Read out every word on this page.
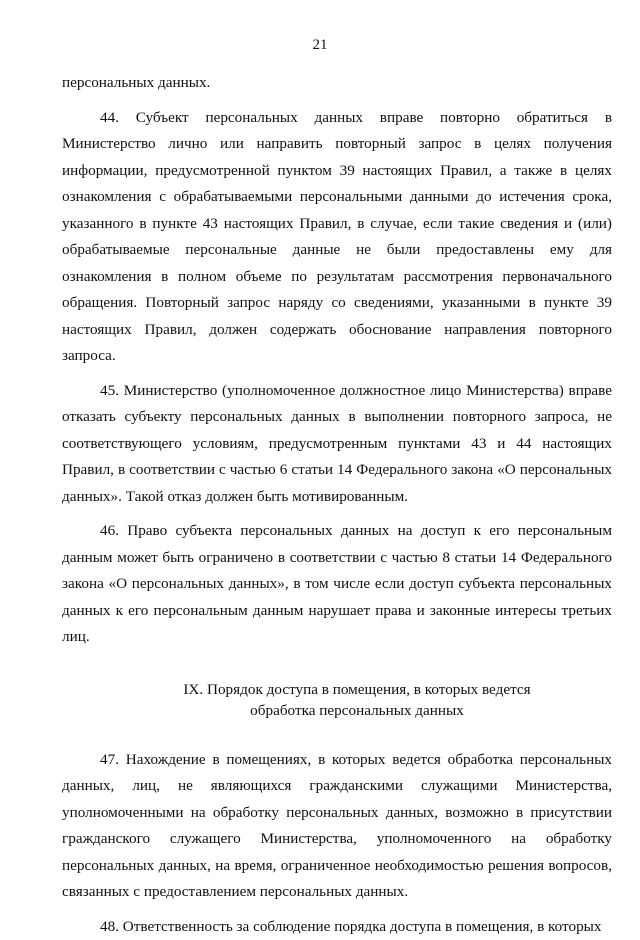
21

персональных данных.

44. Субъект персональных данных вправе повторно обратиться в Министерство лично или направить повторный запрос в целях получения информации, предусмотренной пунктом 39 настоящих Правил, а также в целях ознакомления с обрабатываемыми персональными данными до истечения срока, указанного в пункте 43 настоящих Правил, в случае, если такие сведения и (или) обрабатываемые персональные данные не были предоставлены ему для ознакомления в полном объеме по результатам рассмотрения первоначального обращения. Повторный запрос наряду со сведениями, указанными в пункте 39 настоящих Правил, должен содержать обоснование направления повторного запроса.

45. Министерство (уполномоченное должностное лицо Министерства) вправе отказать субъекту персональных данных в выполнении повторного запроса, не соответствующего условиям, предусмотренным пунктами 43 и 44 настоящих Правил, в соответствии с частью 6 статьи 14 Федерального закона «О персональных данных». Такой отказ должен быть мотивированным.

46. Право субъекта персональных данных на доступ к его персональным данным может быть ограничено в соответствии с частью 8 статьи 14 Федерального закона «О персональных данных», в том числе если доступ субъекта персональных данных к его персональным данным нарушает права и законные интересы третьих лиц.

IX. Порядок доступа в помещения, в которых ведется
обработка персональных данных

47. Нахождение в помещениях, в которых ведется обработка персональных данных, лиц, не являющихся гражданскими служащими Министерства, уполномоченными на обработку персональных данных, возможно в присутствии гражданского служащего Министерства, уполномоченного на обработку персональных данных, на время, ограниченное необходимостью решения вопросов, связанных с предоставлением персональных данных.

48. Ответственность за соблюдение порядка доступа в помещения, в которых
